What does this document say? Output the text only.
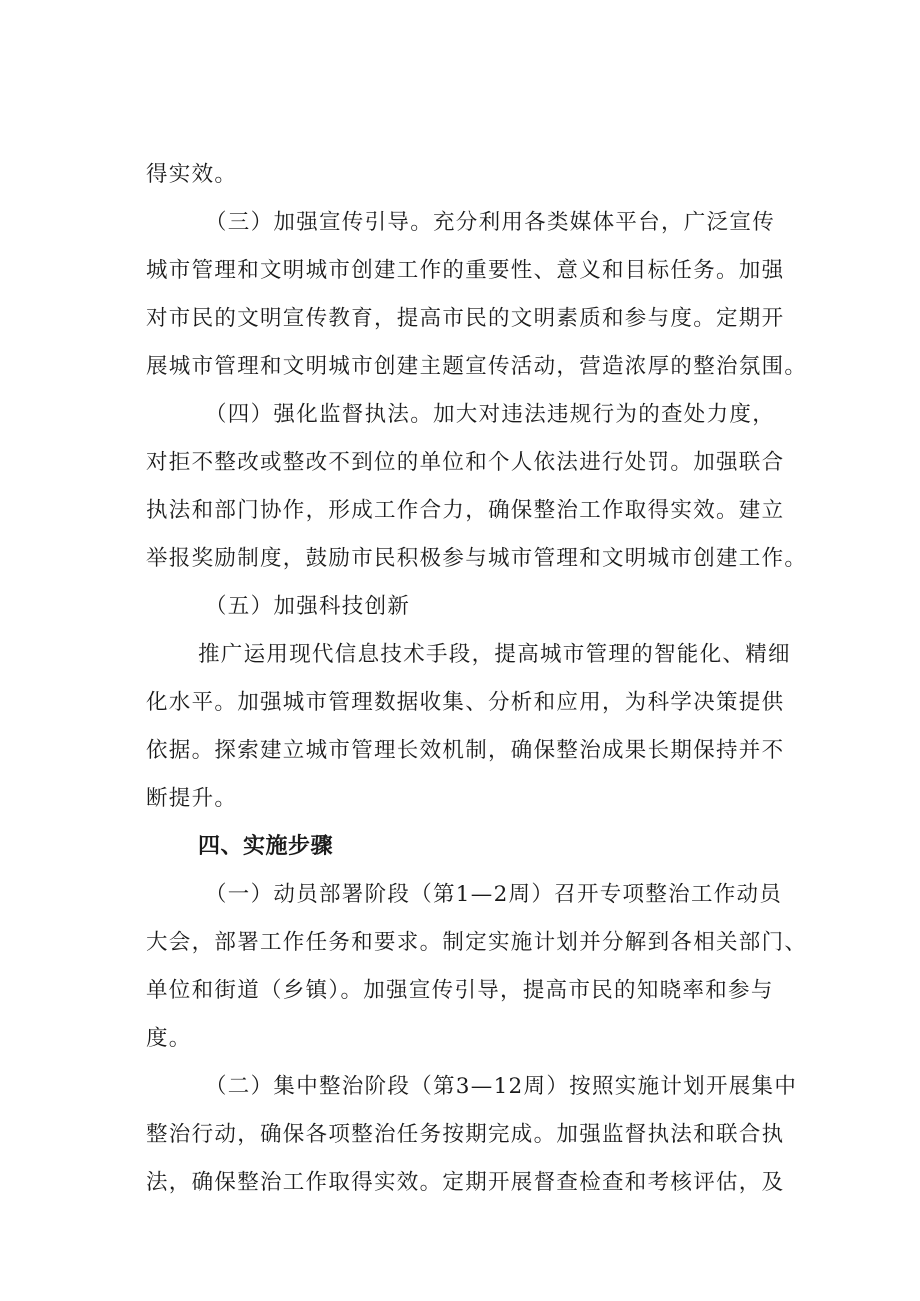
得实效。
（三）加强宣传引导。充分利用各类媒体平台，广泛宣传
城市管理和文明城市创建工作的重要性、意义和目标任务。加强
对市民的文明宣传教育，提高市民的文明素质和参与度。定期开
展城市管理和文明城市创建主题宣传活动，营造浓厚的整治氛围。
（四）强化监督执法。加大对违法违规行为的查处力度，
对拒不整改或整改不到位的单位和个人依法进行处罚。加强联合
执法和部门协作，形成工作合力，确保整治工作取得实效。建立
举报奖励制度，鼓励市民积极参与城市管理和文明城市创建工作。
（五）加强科技创新
推广运用现代信息技术手段，提高城市管理的智能化、精细
化水平。加强城市管理数据收集、分析和应用，为科学决策提供
依据。探索建立城市管理长效机制，确保整治成果长期保持并不
断提升。
四、实施步骤
（一）动员部署阶段（第1—2周）召开专项整治工作动员
大会，部署工作任务和要求。制定实施计划并分解到各相关部门、
单位和街道（乡镇）。加强宣传引导，提高市民的知晓率和参与
度。
（二）集中整治阶段（第3—12周）按照实施计划开展集中
整治行动，确保各项整治任务按期完成。加强监督执法和联合执
法，确保整治工作取得实效。定期开展督查检查和考核评估，及
